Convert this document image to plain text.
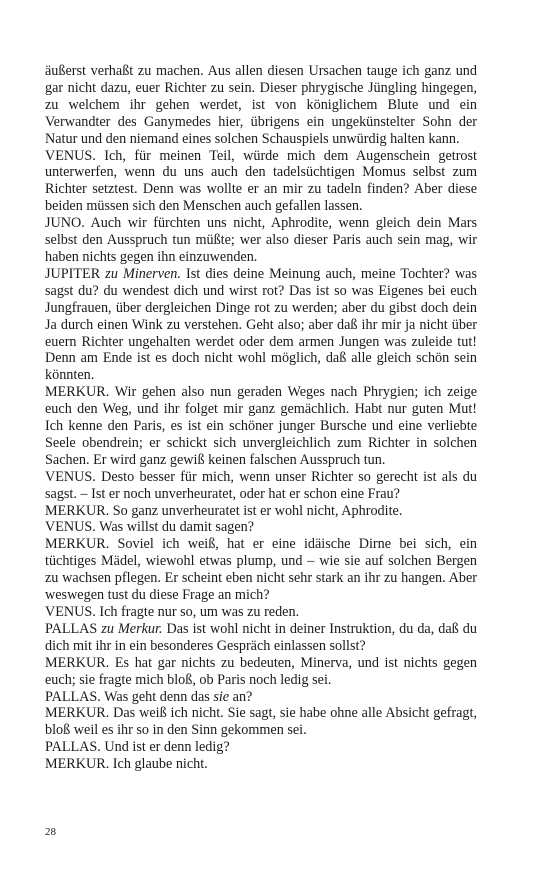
äußerst verhaßt zu machen. Aus allen diesen Ursachen tauge ich ganz und gar nicht dazu, euer Richter zu sein. Dieser phrygische Jüngling hingegen, zu welchem ihr gehen werdet, ist von königlichem Blute und ein Verwandter des Ganymedes hier, übrigens ein ungekünstelter Sohn der Natur und den niemand eines solchen Schauspiels unwürdig halten kann.

VENUS. Ich, für meinen Teil, würde mich dem Augenschein getrost unterwerfen, wenn du uns auch den tadelsüchtigen Momus selbst zum Richter setztest. Denn was wollte er an mir zu tadeln finden? Aber diese beiden müssen sich den Menschen auch gefallen lassen.

JUNO. Auch wir fürchten uns nicht, Aphrodite, wenn gleich dein Mars selbst den Ausspruch tun müßte; wer also dieser Paris auch sein mag, wir haben nichts gegen ihn einzuwenden.

JUPITER zu Minerven. Ist dies deine Meinung auch, meine Tochter? was sagst du? du wendest dich und wirst rot? Das ist so was Eigenes bei euch Jungfrauen, über dergleichen Dinge rot zu werden; aber du gibst doch dein Ja durch einen Wink zu verstehen. Geht also; aber daß ihr mir ja nicht über euern Richter ungehalten werdet oder dem armen Jungen was zuleide tut! Denn am Ende ist es doch nicht wohl möglich, daß alle gleich schön sein könnten.

MERKUR. Wir gehen also nun geraden Weges nach Phrygien; ich zeige euch den Weg, und ihr folget mir ganz gemächlich. Habt nur guten Mut! Ich kenne den Paris, es ist ein schöner junger Bursche und eine verliebte Seele obendrein; er schickt sich unvergleichlich zum Richter in solchen Sachen. Er wird ganz gewiß keinen falschen Ausspruch tun.

VENUS. Desto besser für mich, wenn unser Richter so gerecht ist als du sagst. – Ist er noch unverheuratet, oder hat er schon eine Frau?

MERKUR. So ganz unverheuratet ist er wohl nicht, Aphrodite.

VENUS. Was willst du damit sagen?

MERKUR. Soviel ich weiß, hat er eine idäische Dirne bei sich, ein tüchtiges Mädel, wiewohl etwas plump, und – wie sie auf solchen Bergen zu wachsen pflegen. Er scheint eben nicht sehr stark an ihr zu hangen. Aber weswegen tust du diese Frage an mich?

VENUS. Ich fragte nur so, um was zu reden.

PALLAS zu Merkur. Das ist wohl nicht in deiner Instruktion, du da, daß du dich mit ihr in ein besonderes Gespräch einlassen sollst?

MERKUR. Es hat gar nichts zu bedeuten, Minerva, und ist nichts gegen euch; sie fragte mich bloß, ob Paris noch ledig sei.

PALLAS. Was geht denn das sie an?

MERKUR. Das weiß ich nicht. Sie sagt, sie habe ohne alle Absicht gefragt, bloß weil es ihr so in den Sinn gekommen sei.

PALLAS. Und ist er denn ledig?

MERKUR. Ich glaube nicht.

28
